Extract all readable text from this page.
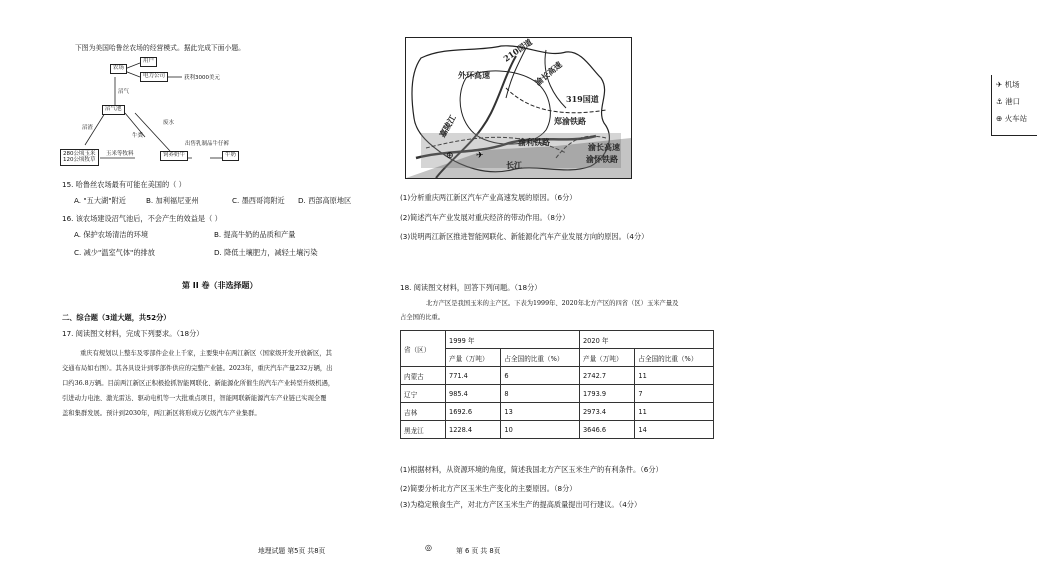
下图为美国哈鲁丝农场的经营模式。据此完成下面小题。
农场
用户
电力公司	获利3000美元
沼气
沼气池
沼渣
牛粪
废水
280公顷玉米
120公顷牧草
玉米等牧料	饲养奶牛
出售乳制品牛仔裤
牛奶
15. 哈鲁丝农场最有可能在美国的（ ）
A. "五大湖"附近	B. 加利福尼亚州	C. 墨西哥湾附近 D. 西部高原地区
16. 该农场建设沼气池后，不会产生的效益是（ ）
A. 保护农场清洁的环境	B. 提高牛奶的品质和产量
C. 减少"温室气体"的排放	D. 降低土壤肥力，减轻土壤污染
第 II 卷（非选择题）
二、综合题（3道大题，共52分）
17. 阅读图文材料，完成下列要求。（18分）
重庆有规划以上整车及零部件企业上千家，主要集中在两江新区（国家级开发开放新区，其
交通布局如右图）。其各具设计到零部件供应的完整产业链。2023年，重庆汽车产量232万辆，出
口约36.8万辆。目前两江新区正积极抢抓智能网联化、新能源化所催生的汽车产业转型升级机遇，
引进动力电池、激光雷达、驱动电机等一大批重点项目，智能网联新能源汽车产业链已实现全覆
盖和集群发展。预计到2030年，两江新区将形成万亿级汽车产业集群。
地理试题 第5页 共8页	◎	第 6 页 共 8页
外环高速
210国道
渝长高速
319国道
郑渝铁路
嘉陵江
渝利铁路
长江
渝怀铁路
渝长高速
⊕ ✈
✈ 机场
⚓ 港口
⊕ 火车站
(1)分析重庆两江新区汽车产业高速发展的原因。（6分）
(2)简述汽车产业发展对重庆经济的带动作用。（8分）
(3)说明两江新区推进智能网联化、新能源化汽车产业发展方向的原因。（4分）
18. 阅读图文材料，回答下列问题。（18分）
北方产区是我国玉米的主产区。下表为1999年、2020年北方产区的四省（区）玉米产量及
占全国的比重。
省（区）	1999 年		2020 年	
	产量（万吨）	占全国的比重（%）	产量（万吨）	占全国的比重（%）
内蒙古	771.4	6	2742.7	11
辽宁	985.4	8	1793.9	7
吉林	1692.6	13	2973.4	11
黑龙江	1228.4	10	3646.6	14
(1)根据材料，从资源环境的角度，简述我国北方产区玉米生产的有利条件。（6分）
(2)简要分析北方产区玉米生产变化的主要原因。（8分）
(3)为稳定粮食生产，对北方产区玉米生产的提高质量提出可行建议。（4分）
